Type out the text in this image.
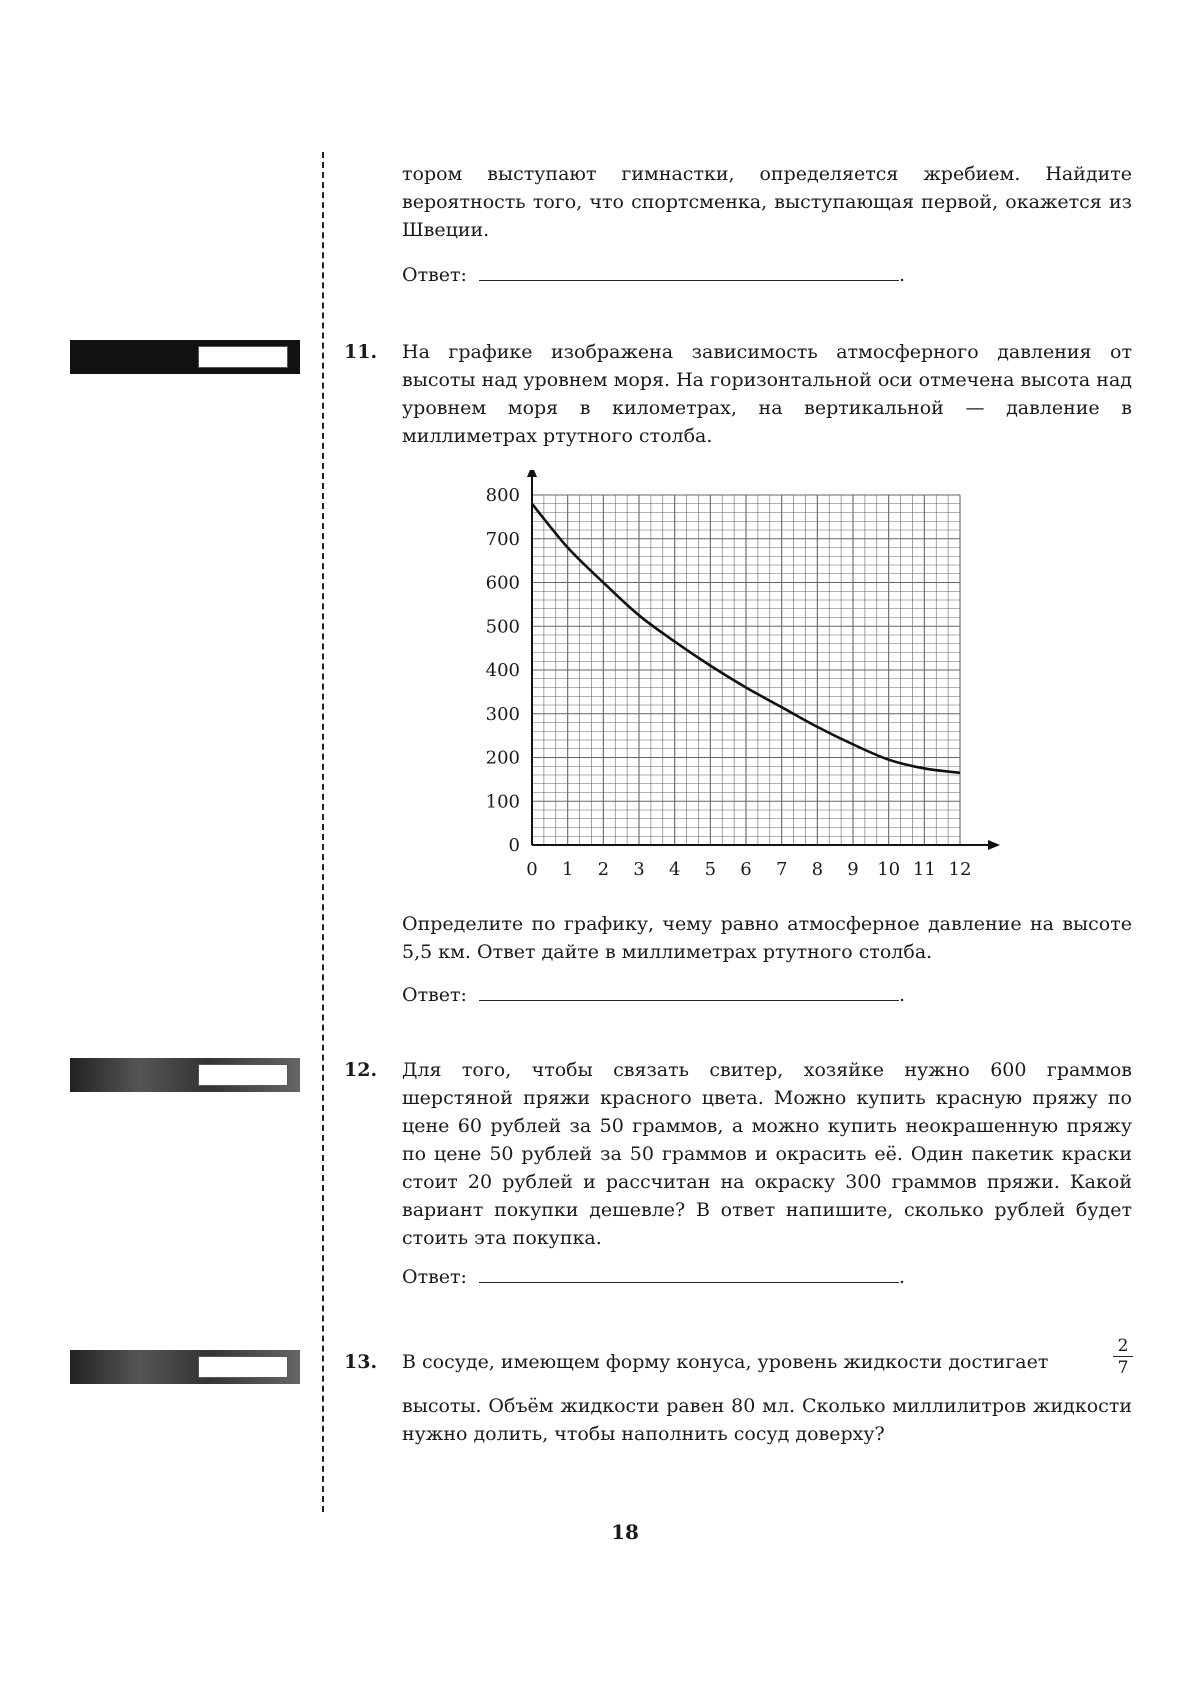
тором выступают гимнастки, определяется жребием. Найдите вероятность того, что спортсменка, выступающая первой, окажется из Швеции.

Ответ:	.
11. На графике изображена зависимость атмосферного давления от высоты над уровнем моря. На горизонтальной оси отмечена высота над уровнем моря в километрах, на вертикальной — давление в миллиметрах ртутного столба.

0 1 2 3 4 5 6 7 8 9 10 11 12
0
100
200
300
400
500
600
700
800

Определите по графику, чему равно атмосферное давление на высоте 5,5 км. Ответ дайте в миллиметрах ртутного столба.

Ответ:	.
12. Для того, чтобы связать свитер, хозяйке нужно 600 граммов шерстяной пряжи красного цвета. Можно купить красную пряжу по цене 60 рублей за 50 граммов, а можно купить неокрашенную пряжу по цене 50 рублей за 50 граммов и окрасить её. Один пакетик краски стоит 20 рублей и рассчитан на окраску 300 граммов пряжи. Какой вариант покупки дешевле? В ответ напишите, сколько рублей будет стоить эта покупка.

Ответ:	.
13. В сосуде, имеющем форму конуса, уровень жидкости достигает	$\frac{2}{7}$

высоты. Объём жидкости равен 80 мл. Сколько миллилитров жидкости нужно долить, чтобы наполнить сосуд доверху?

18
